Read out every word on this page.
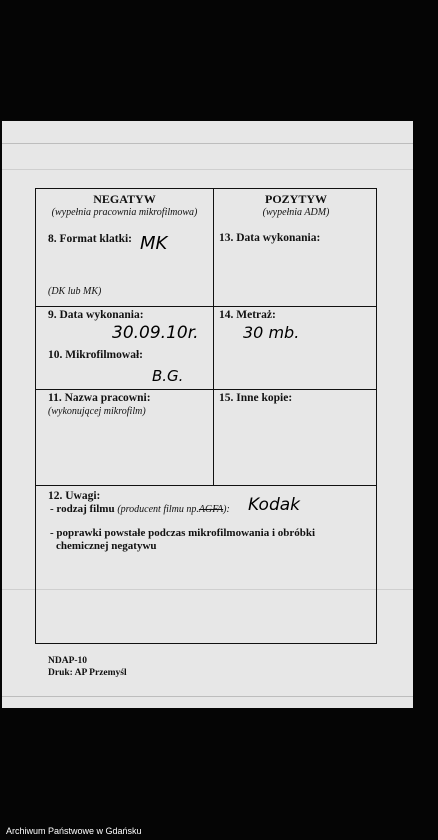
NDAP-10
Druk: AP Przemyśl
NEGATYW
(wypełnia pracownia mikrofilmowa)
POZYTYW
(wypełnia ADM)
8. Format klatki: MK
(DK lub MK)
13. Data wykonania:
9. Data wykonania:
30.09.10r.
10. Mikrofilmował:
B.G.
14. Metraż:
30 mb.
11. Nazwa pracowni:
(wykonującej mikrofilm)
15. Inne kopie:
12. Uwagi:
- rodzaj filmu (producent filmu np.AGFA): Kodak
- poprawki powstałe podczas mikrofilmowania i obróbki
chemicznej negatywu
Archiwum Państwowe w Gdańsku
